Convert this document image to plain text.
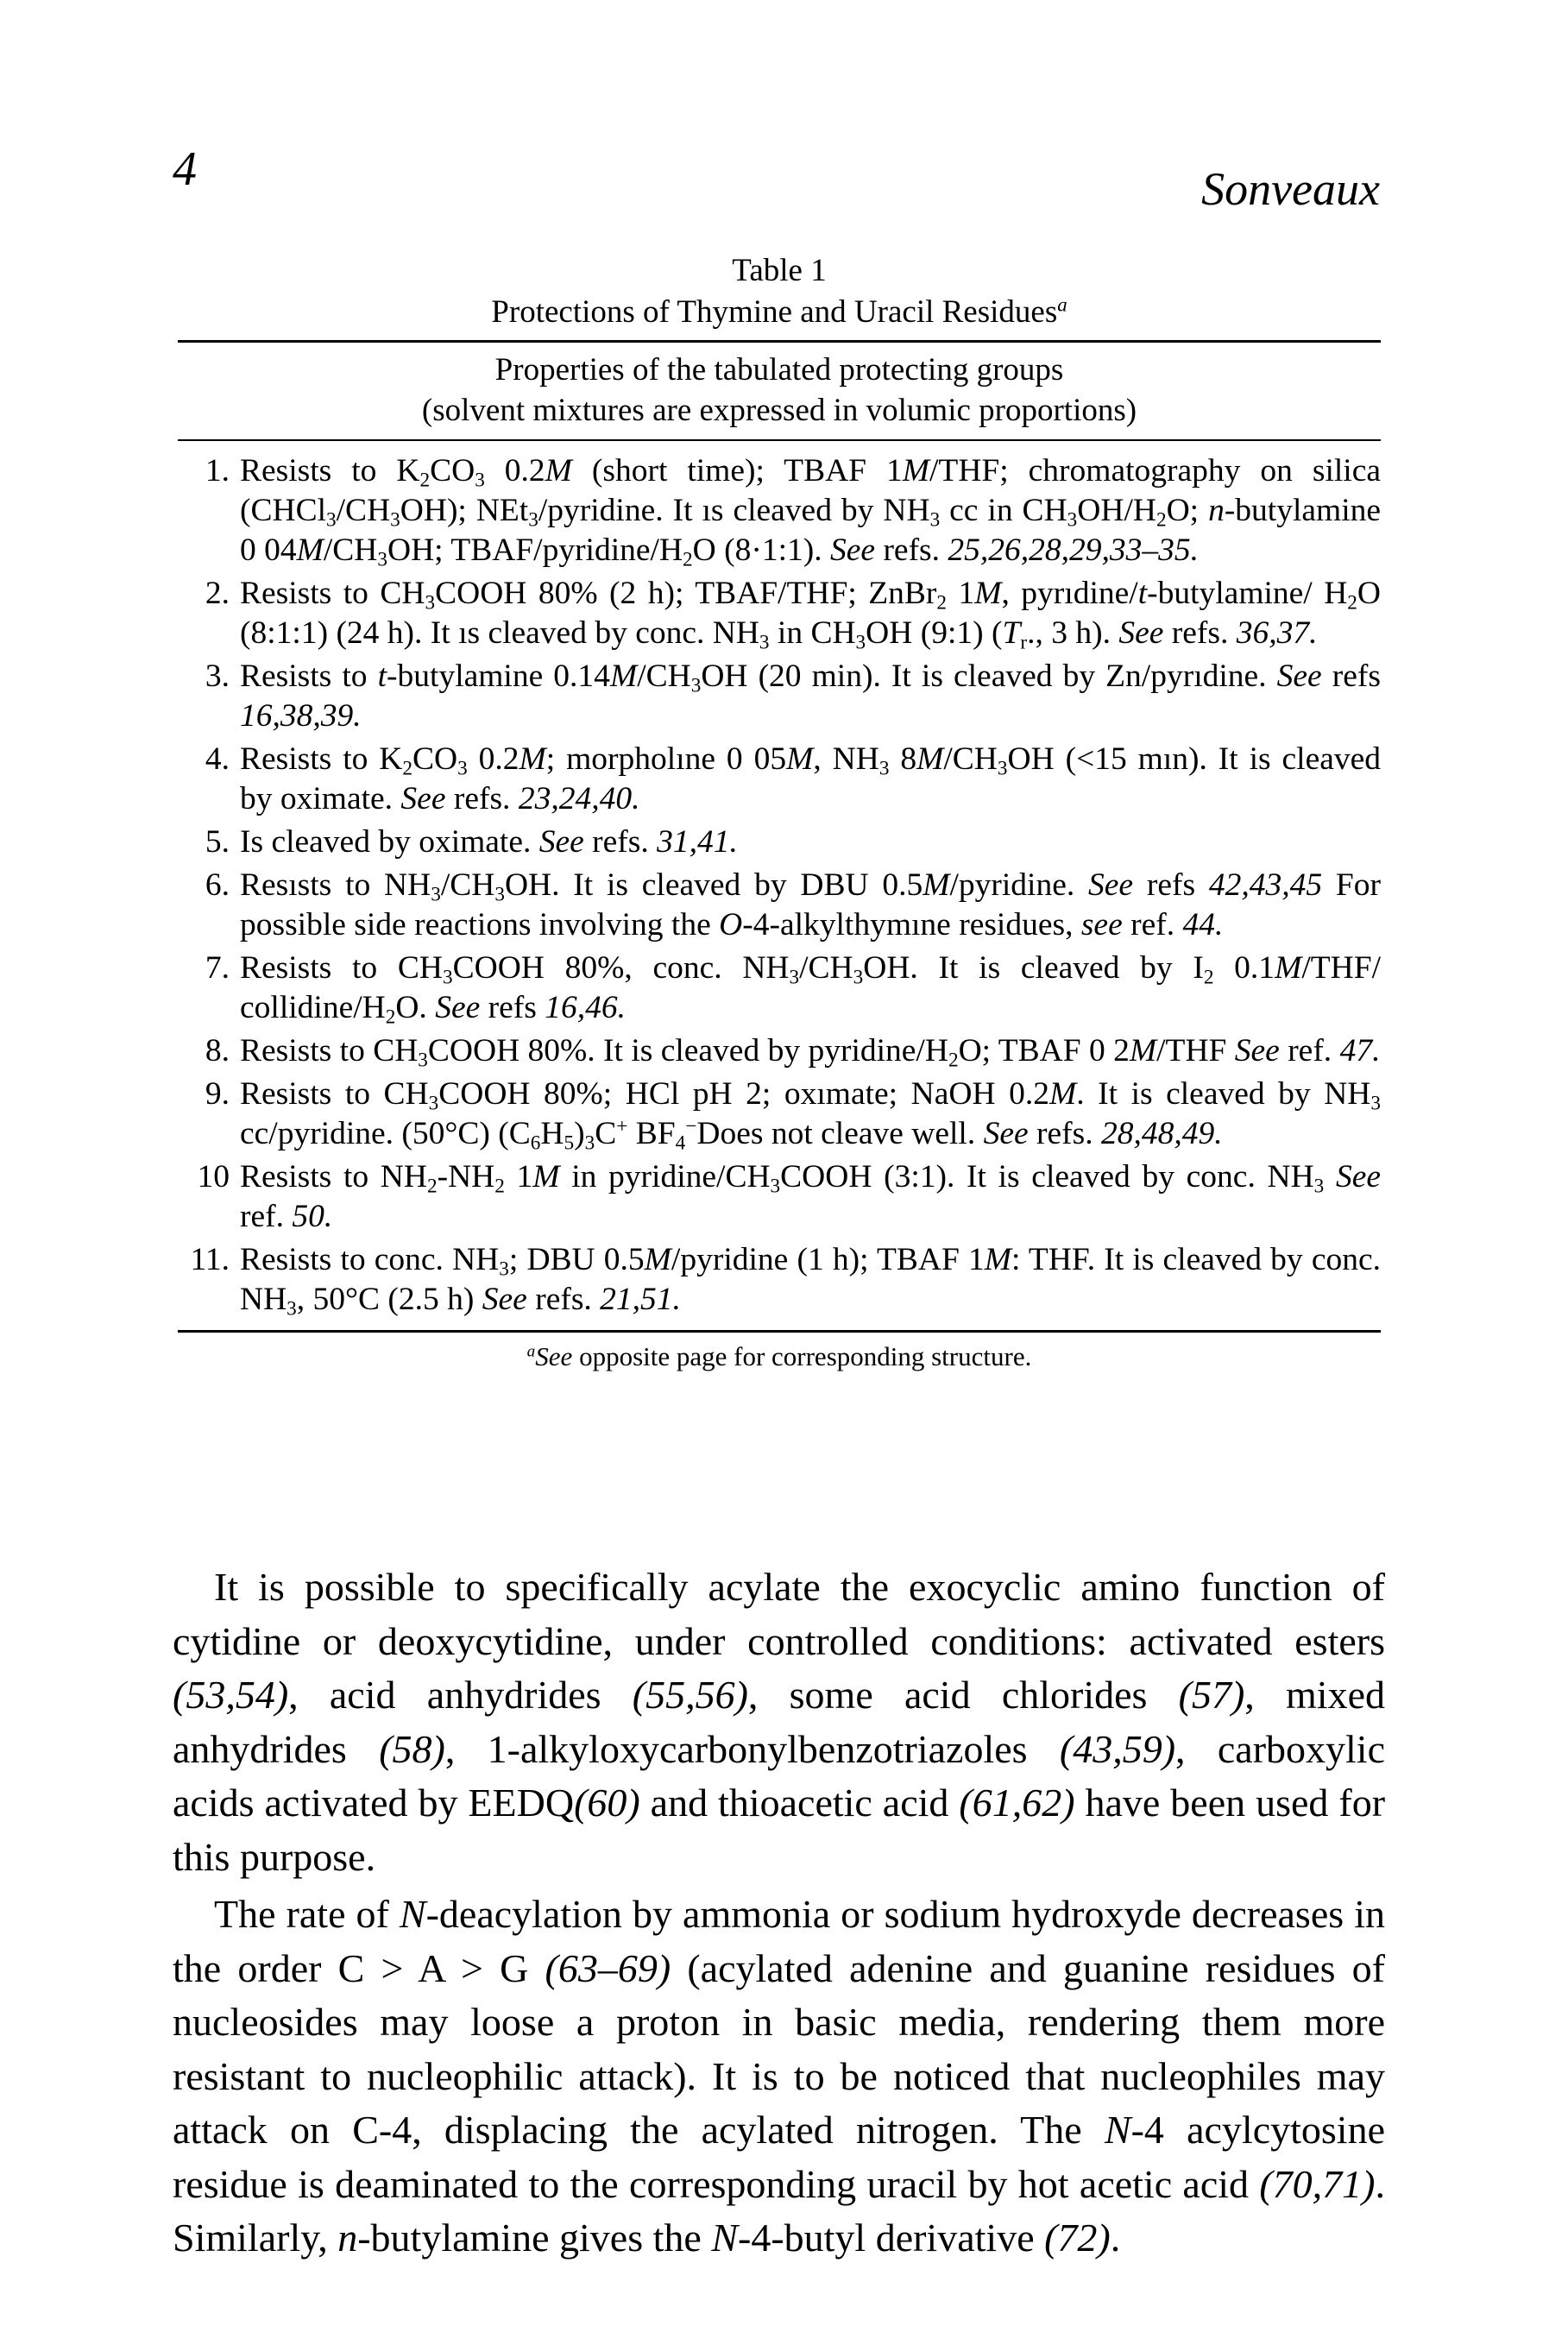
4	Sonveaux
Table 1
Protections of Thymine and Uracil Residues$^a$
Properties of the tabulated protecting groups
(solvent mixtures are expressed in volumic proportions)
1. Resists to $K_2CO_3$ 0.2M (short time); TBAF 1M/THF; chromatography on silica $(CHCl_3/CH_3OH)$; NEt$_3$/pyridine. It ıs cleaved by $NH_3$ cc in $CH_3OH/H_2O$; n-butylamine 0 $04M/CH_3OH$; TBAF/$pyridine/H_2O$ (8·1:1). See refs. 25,26,28,29,33–35.
2. Resists to $CH_3COOH$ 80% (2 h); TBAF/THF; ZnBr$_2$ 1M, pyrıdine/t-butylamine/ $H_2O$ (8:1:1) (24 h). It ıs cleaved by conc. $NH_3$ in $CH_3OH$ (9:1) ($T_r$., 3 h). See refs. 36,37.
3. Resists to t-butylamine $0.14M/CH_3OH$ (20 min). It is cleaved by Zn/pyrıdine. See refs 16,38,39.
4. Resists to $K_2CO_3$ 0.2M; morpholıne 0 05M, $NH_3$ $8M/CH_3OH$ (<15 mın). It is cleaved by oximate. See refs. 23,24,40.
5. Is cleaved by oximate. See refs. 31,41.
6. Resısts to $NH_3/CH_3OH$. It is cleaved by DBU 0.5M/pyridine. See refs 42,43,45 For possible side reactions involving the O-4-alkylthymıne residues, see ref. 44.
7. Resists to $CH_3COOH$ 80%, conc. $NH_3/CH_3OH$. It is cleaved by $I_2$ 0.1M/THF/ collidine/$H_2O$. See refs 16,46.
8. Resists to $CH_3COOH$ 80%. It is cleaved by pyridine/$H_2O$; TBAF 0 2M/THF See ref. 47.
9. Resists to $CH_3COOH$ 80%; HCl pH 2; oxımate; NaOH 0.2M. It is cleaved by $NH_3$ cc/pyridine. (50°C) $(C_6H_5)_3C^+$ $BF_4^-Does$ not cleave well. See refs. 28,48,49.
10 Resists to $NH_2-NH_2$ 1M in pyridine/$CH_3COOH$ (3:1). It is cleaved by conc. $NH_3$ See ref. 50.
11. Resists to conc. $NH_3$; DBU 0.5M/pyridine (1 h); TBAF 1M: THF. It is cleaved by conc. $NH_3$, 50°C (2.5 h) See refs. 21,51.
$^a$See opposite page for corresponding structure.

It is possible to specifically acylate the exocyclic amino function of cytidine or deoxycytidine, under controlled conditions: activated esters (53,54), acid anhydrides (55,56), some acid chlorides (57), mixed anhydrides (58), 1-alkyloxycarbonylbenzotriazoles (43,59), carboxylic acids activated by EEDQ(60) and thioacetic acid (61,62) have been used for this purpose.

The rate of N-deacylation by ammonia or sodium hydroxyde decreases in the order C > A > G (63–69) (acylated adenine and guanine residues of nucleosides may loose a proton in basic media, rendering them more resistant to nucleophilic attack). It is to be noticed that nucleophiles may attack on C-4, displacing the acylated nitrogen. The N-4 acylcytosine residue is deaminated to the corresponding uracil by hot acetic acid (70,71). Similarly, n-butylamine gives the N-4-butyl derivative (72).
